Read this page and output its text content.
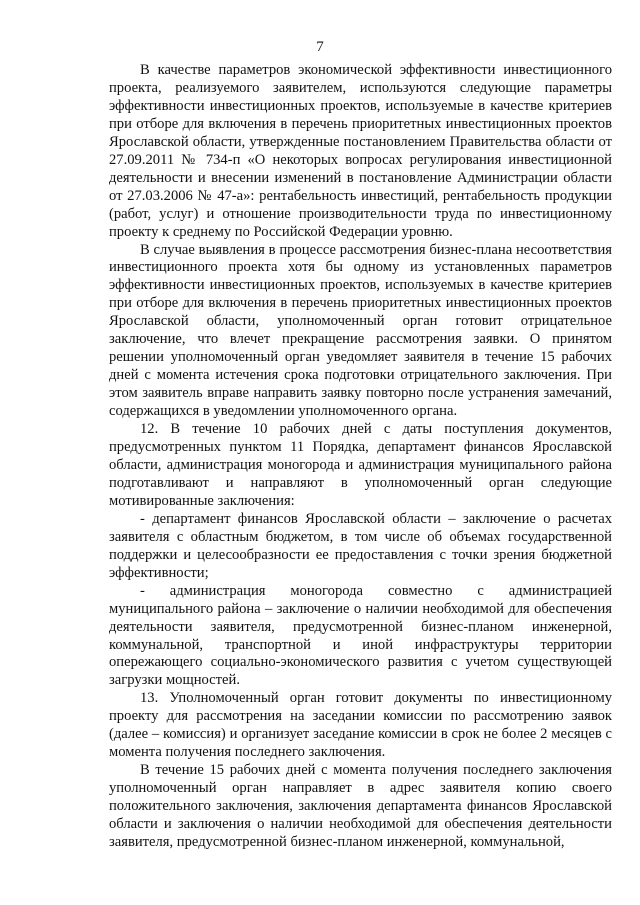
7

В качестве параметров экономической эффективности инвестиционного проекта, реализуемого заявителем, используются следующие параметры эффективности инвестиционных проектов, используемые в качестве критериев при отборе для включения в перечень приоритетных инвестиционных проектов Ярославской области, утвержденные постановлением Правительства области от 27.09.2011 № 734-п «О некоторых вопросах регулирования инвестиционной деятельности и внесении изменений в постановление Администрации области от 27.03.2006 № 47-а»: рентабельность инвестиций, рентабельность продукции (работ, услуг) и отношение производительности труда по инвестиционному проекту к среднему по Российской Федерации уровню.

В случае выявления в процессе рассмотрения бизнес-плана несоответствия инвестиционного проекта хотя бы одному из установленных параметров эффективности инвестиционных проектов, используемых в качестве критериев при отборе для включения в перечень приоритетных инвестиционных проектов Ярославской области, уполномоченный орган готовит отрицательное заключение, что влечет прекращение рассмотрения заявки. О принятом решении уполномоченный орган уведомляет заявителя в течение 15 рабочих дней с момента истечения срока подготовки отрицательного заключения. При этом заявитель вправе направить заявку повторно после устранения замечаний, содержащихся в уведомлении уполномоченного органа.

12. В течение 10 рабочих дней с даты поступления документов, предусмотренных пунктом 11 Порядка, департамент финансов Ярославской области, администрация моногорода и администрация муниципального района подготавливают и направляют в уполномоченный орган следующие мотивированные заключения:

- департамент финансов Ярославской области – заключение о расчетах заявителя с областным бюджетом, в том числе об объемах государственной поддержки и целесообразности ее предоставления с точки зрения бюджетной эффективности;

- администрация моногорода совместно с администрацией муниципального района – заключение о наличии необходимой для обеспечения деятельности заявителя, предусмотренной бизнес-планом инженерной, коммунальной, транспортной и иной инфраструктуры территории опережающего социально-экономического развития с учетом существующей загрузки мощностей.

13. Уполномоченный орган готовит документы по инвестиционному проекту для рассмотрения на заседании комиссии по рассмотрению заявок (далее – комиссия) и организует заседание комиссии в срок не более 2 месяцев с момента получения последнего заключения.

В течение 15 рабочих дней с момента получения последнего заключения уполномоченный орган направляет в адрес заявителя копию своего положительного заключения, заключения департамента финансов Ярославской области и заключения о наличии необходимой для обеспечения деятельности заявителя, предусмотренной бизнес-планом инженерной, коммунальной,
